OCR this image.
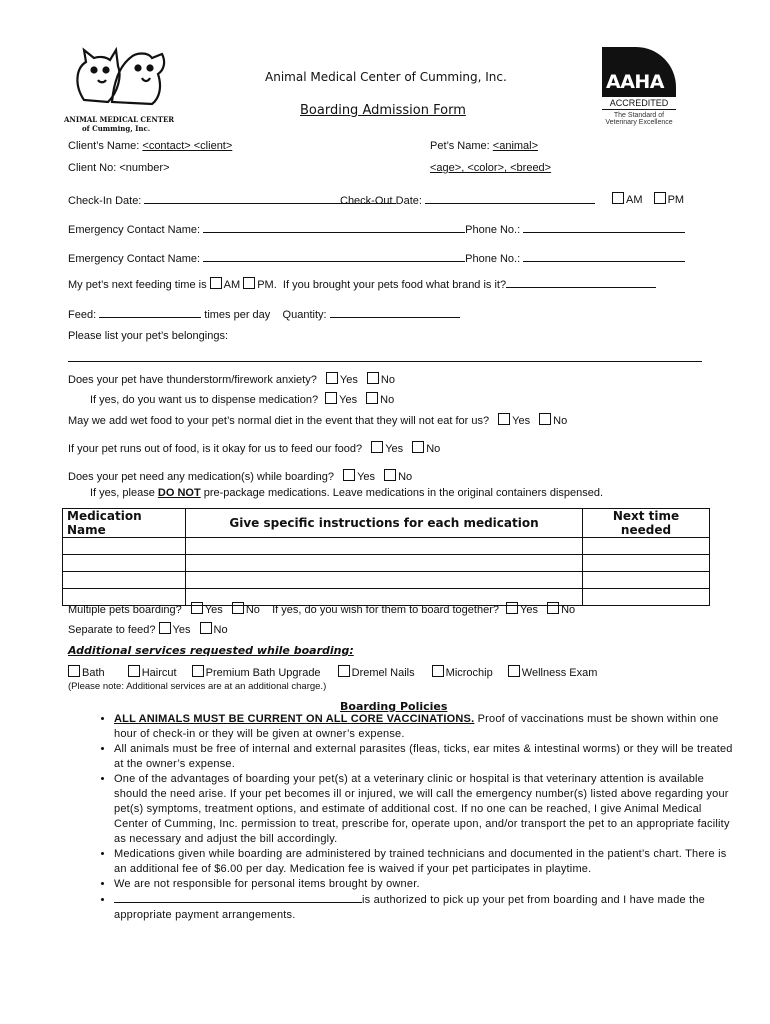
ANIMAL MEDICAL CENTER
of Cumming, Inc.
Animal Medical Center of Cumming, Inc.
Boarding Admission Form
AAHA
ACCREDITED
The Standard of
Veterinary Excellence
Client’s Name: <contact> <client>
Client No: <number>
Pet’s Name: <animal>
<age>, <color>, <breed>
Check-In Date:	Check-Out Date:	AM PM
Emergency Contact Name:	Phone No.:
Emergency Contact Name:	Phone No.:
My pet’s next feeding time is AM PM. If you brought your pets food what brand is it?
Feed:	times per day Quantity:
Please list your pet’s belongings:
Does your pet have thunderstorm/firework anxiety? Yes No
If yes, do you want us to dispense medication? Yes No
May we add wet food to your pet’s normal diet in the event that they will not eat for us? Yes No
If your pet runs out of food, is it okay for us to feed our food? Yes No
Does your pet need any medication(s) while boarding? Yes No
If yes, please DO NOT pre-package medications. Leave medications in the original containers dispensed.
Medication Name	Give specific instructions for each medication	Next time needed

Multiple pets boarding? Yes No If yes, do you wish for them to board together? Yes No
Separate to feed? Yes No
Additional services requested while boarding:
Bath	Haircut	Premium Bath Upgrade	Dremel Nails	Microchip	Wellness Exam
(Please note: Additional services are at an additional charge.)
Boarding Policies
• ALL ANIMALS MUST BE CURRENT ON ALL CORE VACCINATIONS. Proof of vaccinations must be shown within one hour of check-in or they will be given at owner’s expense.
• All animals must be free of internal and external parasites (fleas, ticks, ear mites & intestinal worms) or they will be treated at the owner’s expense.
• One of the advantages of boarding your pet(s) at a veterinary clinic or hospital is that veterinary attention is available should the need arise. If your pet becomes ill or injured, we will call the emergency number(s) listed above regarding your pet(s) symptoms, treatment options, and estimate of additional cost. If no one can be reached, I give Animal Medical Center of Cumming, Inc. permission to treat, prescribe for, operate upon, and/or transport the pet to an appropriate facility as necessary and adjust the bill accordingly.
• Medications given while boarding are administered by trained technicians and documented in the patient’s chart. There is an additional fee of $6.00 per day. Medication fee is waived if your pet participates in playtime.
• We are not responsible for personal items brought by owner.
• is authorized to pick up your pet from boarding and I have made the appropriate payment arrangements.
